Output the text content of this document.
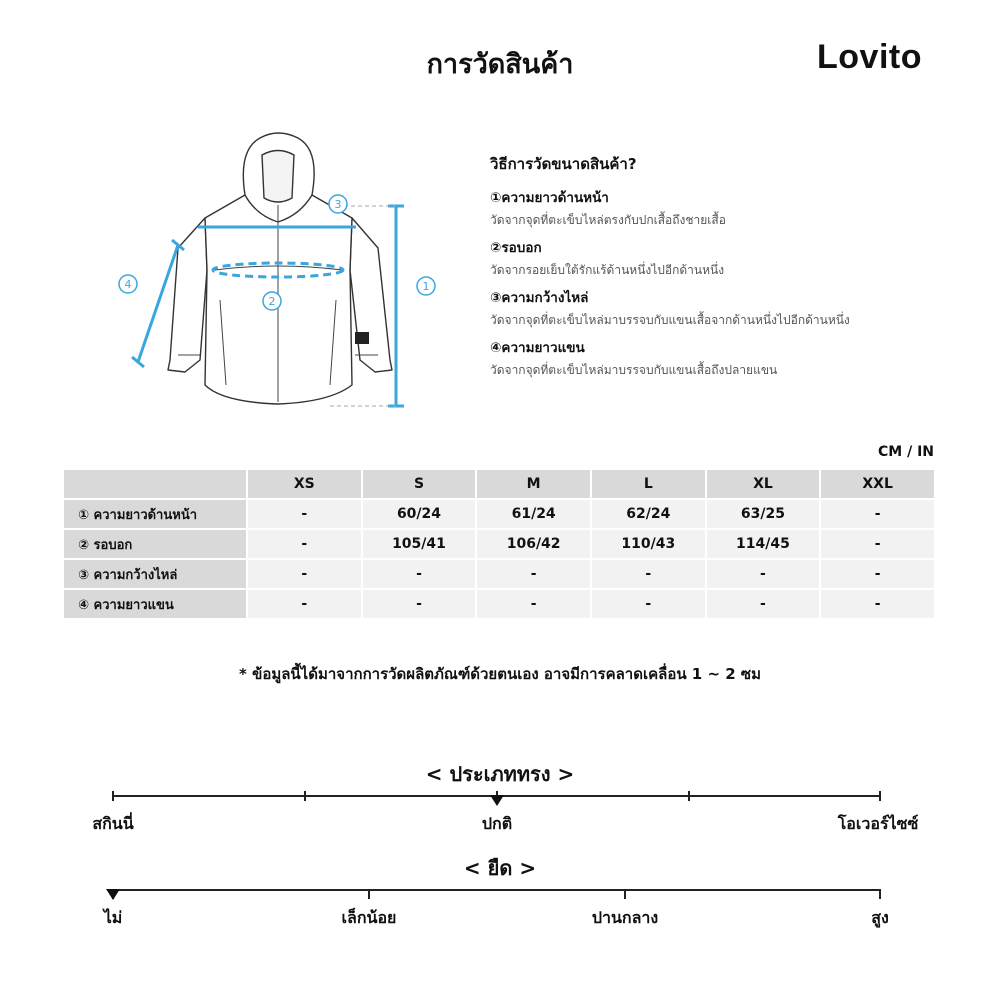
การวัดสินค้า	Lovito
1
2
3
4
วิธีการวัดขนาดสินค้า?
①ความยาวด้านหน้า
วัดจากจุดที่ตะเข็บไหล่ตรงกับปกเสื้อถึงชายเสื้อ
②รอบอก
วัดจากรอยเย็บใต้รักแร้ด้านหนึ่งไปอีกด้านหนึ่ง
③ความกว้างไหล่
วัดจากจุดที่ตะเข็บไหล่มาบรรจบกับแขนเสื้อจากด้านหนึ่งไปอีกด้านหนึ่ง
④ความยาวแขน
วัดจากจุดที่ตะเข็บไหล่มาบรรจบกับแขนเสื้อถึงปลายแขน
CM / IN
	XS	S	M	L	XL	XXL
① ความยาวด้านหน้า	-	60/24	61/24	62/24	63/25	-
② รอบอก	-	105/41	106/42	110/43	114/45	-
③ ความกว้างไหล่	-	-	-	-	-	-
④ ความยาวแขน	-	-	-	-	-	-
* ข้อมูลนี้ได้มาจากการวัดผลิตภัณฑ์ด้วยตนเอง อาจมีการคลาดเคลื่อน 1 ~ 2 ซม
< ประเภททรง >
สกินนี่	ปกติ	โอเวอร์ไซซ์
< ยืด >
ไม่	เล็กน้อย	ปานกลาง	สูง
